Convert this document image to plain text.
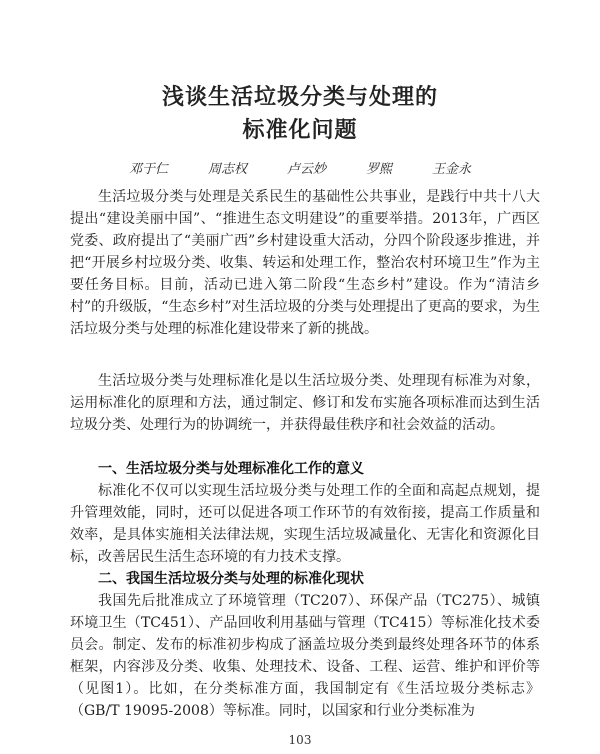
浅谈生活垃圾分类与处理的
标准化问题
邓于仁	周志权	卢云妙	罗熙	王金永

生活垃圾分类与处理是关系民生的基础性公共事业，是践行中共十八大提出“建设美丽中国”、“推进生态文明建设”的重要举措。2013年，广西区党委、政府提出了“美丽广西”乡村建设重大活动，分四个阶段逐步推进，并把“开展乡村垃圾分类、收集、转运和处理工作，整治农村环境卫生”作为主要任务目标。目前，活动已进入第二阶段“生态乡村”建设。作为“清洁乡村”的升级版，“生态乡村”对生活垃圾的分类与处理提出了更高的要求，为生活垃圾分类与处理的标准化建设带来了新的挑战。

生活垃圾分类与处理标准化是以生活垃圾分类、处理现有标准为对象，运用标准化的原理和方法，通过制定、修订和发布实施各项标准而达到生活垃圾分类、处理行为的协调统一，并获得最佳秩序和社会效益的活动。

一、生活垃圾分类与处理标准化工作的意义

标准化不仅可以实现生活垃圾分类与处理工作的全面和高起点规划，提升管理效能，同时，还可以促进各项工作环节的有效衔接，提高工作质量和效率，是具体实施相关法律法规，实现生活垃圾减量化、无害化和资源化目标，改善居民生活生态环境的有力技术支撑。

二、我国生活垃圾分类与处理的标准化现状

我国先后批准成立了环境管理（TC207）、环保产品（TC275）、城镇环境卫生（TC451）、产品回收利用基础与管理（TC415）等标准化技术委员会。制定、发布的标准初步构成了涵盖垃圾分类到最终处理各环节的体系框架，内容涉及分类、收集、处理技术、设备、工程、运营、维护和评价等（见图1）。比如，在分类标准方面，我国制定有《生活垃圾分类标志》（GB/T 19095-2008）等标准。同时，以国家和行业分类标准为

103
